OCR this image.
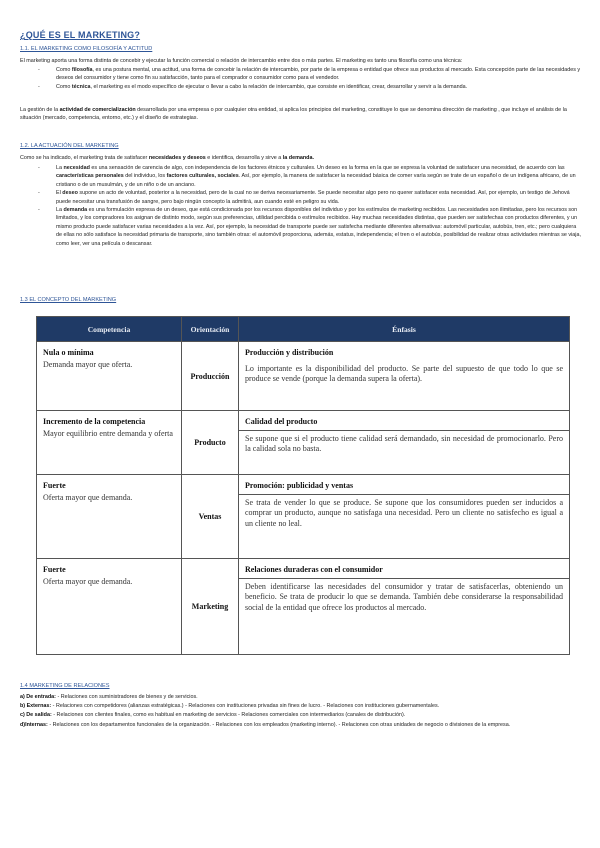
¿QUÉ ES EL MARKETING?
1.1. EL MARKETING COMO FILOSOFÍA Y ACTITUD
El marketing aporta una forma distinta de concebir y ejecutar la función comercial o relación de intercambio entre dos o más partes. El marketing es tanto una filosofía como una técnica:
- Como filosofía, es una postura mental, una actitud, una forma de concebir la relación de intercambio, por parte de la empresa o entidad que ofrece sus productos al mercado. Esta concepción parte de las necesidades y deseos del consumidor y tiene como fin su satisfacción, tanto para el comprador o consumidor como para el vendedor.
- Como técnica, el marketing es el modo específico de ejecutar o llevar a cabo la relación de intercambio, que consiste en identificar, crear, desarrollar y servir a la demanda.
La gestión de la actividad de comercialización desarrollada por una empresa o por cualquier otra entidad, si aplica los principios del marketing, constituye lo que se denomina dirección de marketing , que incluye el análisis de la situación (mercado, competencia, entorno, etc.) y el diseño de estrategias.
1.2. LA ACTUACIÓN DEL MARKETING
Como se ha indicado, el marketing trata de satisfacer necesidades y deseos e identifica, desarrolla y sirve a la demanda.
- La necesidad es una sensación de carencia de algo, con independencia de los factores étnicos y culturales. Un deseo es la forma en la que se expresa la voluntad de satisfacer una necesidad, de acuerdo con las características personales del individuo, los factores culturales, sociales. Así, por ejemplo, la manera de satisfacer la necesidad básica de comer varía según se trate de un español o de un indígena africano, de un cristiano o de un musulmán, y de un niño o de un anciano.
- El deseo supone un acto de voluntad, posterior a la necesidad, pero de la cual no se deriva necesariamente. Se puede necesitar algo pero no querer satisfacer esta necesidad. Así, por ejemplo, un testigo de Jehová puede necesitar una transfusión de sangre, pero bajo ningún concepto la admitirá, aun cuando esté en peligro su vida.
- La demanda es una formulación expresa de un deseo, que está condicionada por los recursos disponibles del individuo y por los estímulos de marketing recibidos. Las necesidades son ilimitadas, pero los recursos son limitados, y los compradores los asignan de distinto modo, según sus preferencias, utilidad percibida o estímulos recibidos. Hay muchas necesidades distintas, que pueden ser satisfechas con productos diferentes, y un mismo producto puede satisfacer varias necesidades a la vez. Así, por ejemplo, la necesidad de transporte puede ser satisfecha mediante diferentes alternativas: automóvil particular, autobús, tren, etc.; pero cualquiera de ellas no sólo satisface la necesidad primaria de transporte, sino también otras: el automóvil proporciona, además, estatus, independencia; el tren o el autobús, posibilidad de realizar otras actividades mientras se viaja, como leer, ver una película o descansar.
1.3 EL CONCEPTO DEL MARKETING
Competencia	Orientación	Énfasis

Nula o mínima
Demanda mayor que oferta.	Producción	Producción y distribución
Lo importante es la disponibilidad del producto. Se parte del supuesto de que todo lo que se produce se vende (porque la demanda supera la oferta).

Incremento de la competencia
Mayor equilibrio entre demanda y oferta	Producto	Calidad del producto
Se supone que si el producto tiene calidad será demandado, sin necesidad de promocionarlo. Pero la calidad sola no basta.

Fuerte
Oferta mayor que demanda.	Ventas	Promoción: publicidad y ventas
Se trata de vender lo que se produce. Se supone que los consumidores pueden ser inducidos a comprar un producto, aunque no satisfaga una necesidad. Pero un cliente no satisfecho es igual a un cliente no leal.

Fuerte
Oferta mayor que demanda.	Marketing	Relaciones duraderas con el consumidor
Deben identificarse las necesidades del consumidor y tratar de satisfacerlas, obteniendo un beneficio. Se trata de producir lo que se demanda. También debe considerarse la responsabilidad social de la entidad que ofrece los productos al mercado.
1.4 MARKETING DE RELACIONES
a) De entrada: - Relaciones con suministradores de bienes y de servicios.
b) Externas: - Relaciones con competidores (alianzas estratégicas.) - Relaciones con instituciones privadas sin fines de lucro. - Relaciones con instituciones gubernamentales.
c) De salida: - Relaciones con clientes finales, como es habitual en marketing de servicios - Relaciones comerciales con intermediarios (canales de distribución).
d)Internas: - Relaciones con los departamentos funcionales de la organización. - Relaciones con los empleados (marketing interno). - Relaciones con otras unidades de negocio o divisiones de la empresa.
